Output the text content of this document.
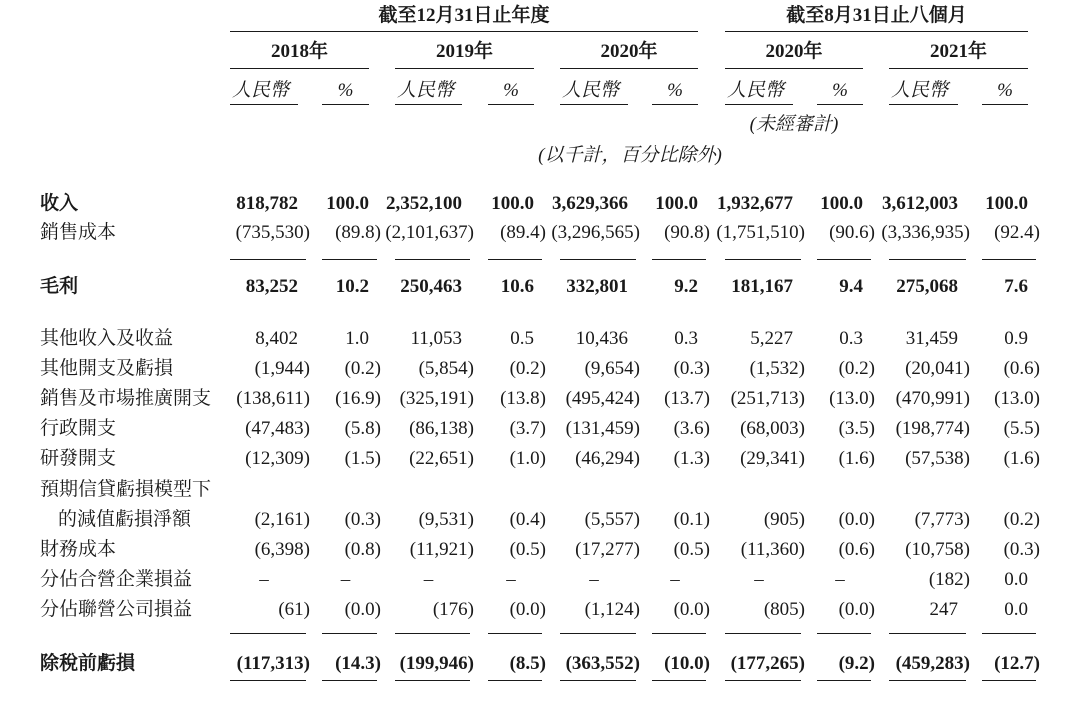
截至12月31日止年度	截至8月31日止八個月
2018年
人民幣	%
2019年
人民幣	%
2020年
人民幣	%
2020年
人民幣	%
2021年
人民幣	%
(未經審計)
(以千計，百分比除外)
收入	818,782	100.0 2,352,100	100.0 3,629,366	100.0	1,932,677	100.0	3,612,003	100.0
銷售成本	(735,530)	(89.8) (2,101,637)	(89.4) (3,296,565)	(90.8) (1,751,510)	(90.6) (3,336,935)	(92.4)
毛利	83,252	10.2	250,463	10.6	332,801	9.2	181,167	9.4	275,068	7.6
其他收入及收益	8,402	1.0	11,053	0.5	10,436	0.3	5,227	0.3	31,459	0.9
其他開支及虧損	(1,944)	(0.2)	(5,854)	(0.2)	(9,654)	(0.3)	(1,532)	(0.2)	(20,041)	(0.6)
銷售及市場推廣開支	(138,611)	(16.9) (325,191)	(13.8)	(495,424)	(13.7)	(251,713)	(13.0)	(470,991)	(13.0)
行政開支	(47,483)	(5.8)	(86,138)	(3.7)	(131,459)	(3.6)	(68,003)	(3.5)	(198,774)	(5.5)
研發開支	(12,309)	(1.5)	(22,651)	(1.0)	(46,294)	(1.3)	(29,341)	(1.6)	(57,538)	(1.6)
預期信貸虧損模型下
的減值虧損淨額	(2,161)	(0.3)	(9,531)	(0.4)	(5,557)	(0.1)	(905)	(0.0)	(7,773)	(0.2)
財務成本	(6,398)	(0.8)	(11,921)	(0.5)	(17,277)	(0.5)	(11,360)	(0.6)	(10,758)	(0.3)
分佔合營企業損益	–	–	–	–	–	–	–	–	(182)	0.0
分佔聯營公司損益	(61)	(0.0)	(176)	(0.0)	(1,124)	(0.0)	(805)	(0.0)	247	0.0
除稅前虧損	(117,313)	(14.3) (199,946)	(8.5)	(363,552)	(10.0)	(177,265)	(9.2)	(459,283)	(12.7)
